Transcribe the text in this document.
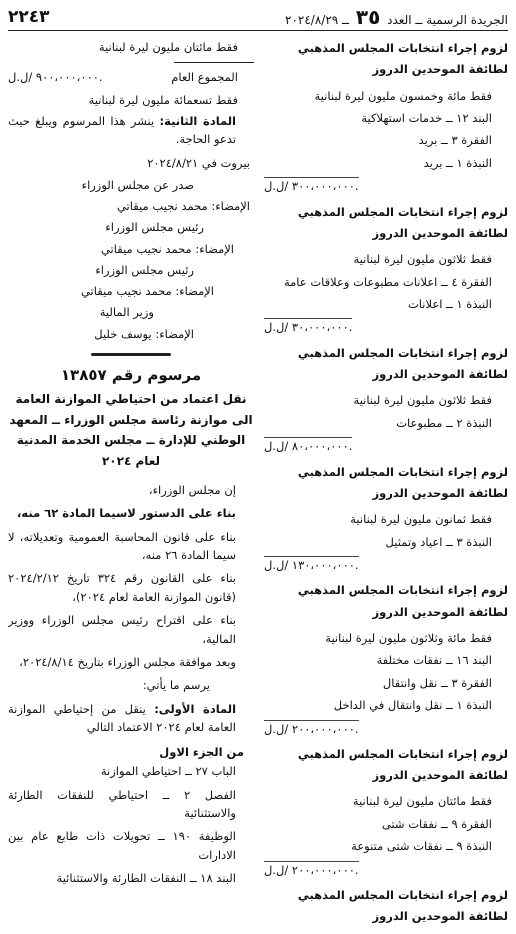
الجريدة الرسمية ــ العدد ٣٥ ــ ٢٠٢٤/٨/٢٩
٢٢٤٣
لزوم إجراء انتخابات المجلس المذهبي لطائفة الموحدين الدروز
فقط مائة وخمسون مليون ليرة لبنانية
البند ١٢ ــ خدمات استهلاكية
الفقرة ٣ ــ بريد
النبذة ١ ــ بريد
٣٠٠،٠٠٠،٠٠٠ /ل.ل.
لزوم إجراء انتخابات المجلس المذهبي لطائفة الموحدين الدروز
فقط ثلاثون مليون ليرة لبنانية
الفقرة ٤ ــ اعلانات مطبوعات وعلاقات عامة
النبذة ١ ــ اعلانات
٣٠،٠٠٠،٠٠٠ /ل.ل.
لزوم إجراء انتخابات المجلس المذهبي لطائفة الموحدين الدروز
فقط ثلاثون مليون ليرة لبنانية
النبذة ٢ ــ مطبوعات
٨٠،٠٠٠،٠٠٠ /ل.ل.
لزوم إجراء انتخابات المجلس المذهبي لطائفة الموحدين الدروز
فقط ثمانون مليون ليرة لبنانية
النبذة ٣ ــ اعياد وتمثيل
١٣٠،٠٠٠،٠٠٠ /ل.ل.
لزوم إجراء انتخابات المجلس المذهبي لطائفة الموحدين الدروز
فقط مائة وثلاثون مليون ليرة لبنانية
البند ١٦ ــ نفقات مختلفة
الفقرة ٣ ــ نقل وانتقال
النبذة ١ ــ نقل وانتقال في الداخل
٢٠٠،٠٠٠،٠٠٠ /ل.ل.
لزوم إجراء انتخابات المجلس المذهبي لطائفة الموحدين الدروز
فقط مائتان مليون ليرة لبنانية
الفقرة ٩ ــ نفقات شتى
النبذة ٩ ــ نفقات شتى متنوعة
٢٠٠،٠٠٠،٠٠٠ /ل.ل.
لزوم إجراء انتخابات المجلس المذهبي لطائفة الموحدين الدروز
فقط مائتان مليون ليرة لبنانية
المجموع العام
٩٠٠،٠٠٠،٠٠٠ /ل.ل.
فقط تسعمائة مليون ليرة لبنانية
المادة الثانية: ينشر هذا المرسوم ويبلغ حيث تدعو الحاجة.
بيروت في ٢٠٢٤/٨/٢١
صدر عن مجلس الوزراء
الإمضاء: محمد نجيب ميقاتي
رئيس مجلس الوزراء
الإمضاء: محمد نجيب ميقاتي
رئيس مجلس الوزراء
الإمضاء: محمد نجيب ميقاتي
وزير المالية
الإمضاء: يوسف خليل
مرسوم رقم ١٣٨٥٧
نقل اعتماد من احتياطي الموازنة العامة الى موازنة رئاسة مجلس الوزراء ــ المعهد الوطني للإدارة ــ مجلس الخدمة المدنية لعام ٢٠٢٤
إن مجلس الوزراء،
بناء على الدستور لاسيما المادة ٦٢ منه،
بناء على قانون المحاسبة العمومية وتعديلاته، لا سيما المادة ٢٦ منه،
بناء على القانون رقم ٣٢٤ تاريخ ٢٠٢٤/٢/١٢ (قانون الموازنة العامة لعام ٢٠٢٤)،
بناء على اقتراح رئيس مجلس الوزراء ووزير المالية،
وبعد موافقة مجلس الوزراء بتاريخ ٢٠٢٤/٨/١٤،
يرسم ما يأتي:
المادة الأولى: ينقل من إحتياطي الموازنة العامة لعام ٢٠٢٤ الاعتماد التالي
من الجزء الاول
الباب ٢٧ ــ احتياطي الموازنة
الفصل ٢ ــ احتياطي للنفقات الطارئة والاستثنائية
الوظيفة ١٩٠ ــ تحويلات ذات طابع عام بين الادارات
البند ١٨ ــ النفقات الطارئة والاستثنائية
